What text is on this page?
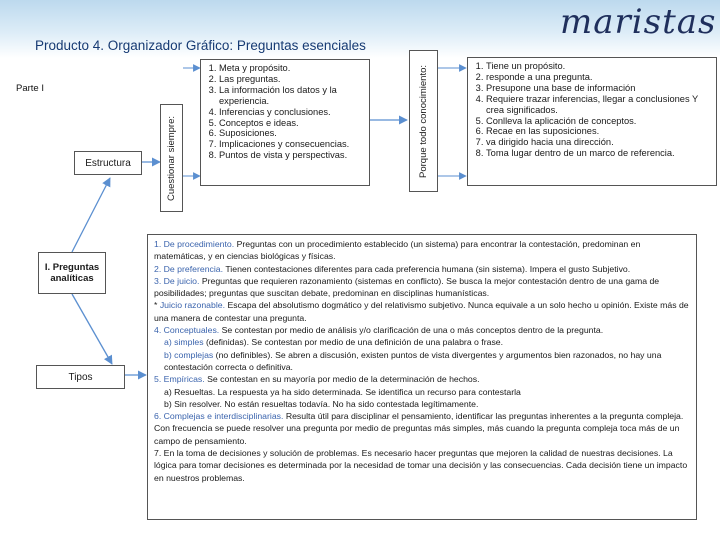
maristas
Producto 4. Organizador Gráfico: Preguntas esenciales
Parte I
Estructura
I. Preguntas analíticas
Tipos
Cuestionar siempre:
1. Meta y propósito.
2. Las preguntas.
3. La información los datos y la experiencia.
4. Inferencias y conclusiones.
5. Conceptos e ideas.
6. Suposiciones.
7. Implicaciones y consecuencias.
8. Puntos de vista y perspectivas.	Porque todo conocimiento:
1.	Tiene un propósito.
2. responde a una pregunta.
3. Presupone una base de información
4. Requiere trazar inferencias, llegar a conclusiones Y crea significados.
5. Conlleva la aplicación de conceptos.
6. Recae en las suposiciones.
7. va dirigido hacia una dirección.
8. Toma lugar dentro de un marco de referencia.

1. De procedimiento. Preguntas con un procedimiento establecido (un sistema) para encontrar la contestación, predominan en matemáticas, y en ciencias biológicas y físicas.

2. De preferencia. Tienen contestaciones diferentes para cada preferencia humana (sin sistema). Impera el gusto Subjetivo.

3. De juicio. Preguntas que requieren razonamiento (sistemas en conflicto). Se busca la mejor contestación dentro de una gama de posibilidades; preguntas que suscitan debate, predominan en disciplinas humanísticas.

* Juicio razonable. Escapa del absolutismo dogmático y del relativismo subjetivo. Nunca equivale a un solo hecho u opinión. Existe más de una manera de contestar una pregunta.

4. Conceptuales. Se contestan por medio de análisis y/o clarificación de una o más conceptos dentro de la pregunta.

a) simples (definidas). Se contestan por medio de una definición de una palabra o frase.

b) complejas (no definibles). Se abren a discusión, existen puntos de vista divergentes y argumentos bien razonados, no hay una contestación correcta o definitiva.

5. Empíricas. Se contestan en su mayoría por medio de la determinación de hechos.

a) Resueltas. La respuesta ya ha sido determinada. Se identifica un recurso para contestarla

b) Sin resolver. No están resueltas todavía. No ha sido contestada legítimamente.

6. Complejas e interdisciplinarias. Resulta útil para disciplinar el pensamiento, identificar las preguntas inherentes a la pregunta compleja. Con frecuencia se puede resolver una pregunta por medio de preguntas más simples, más cuando la pregunta compleja toca más de un campo de pensamiento.

7. En la toma de decisiones y solución de problemas. Es necesario hacer preguntas que mejoren la calidad de nuestras decisiones. La lógica para tomar decisiones es determinada por la necesidad de tomar una decisión y las consecuencias. Cada decisión tiene un impacto en nuestros problemas.
